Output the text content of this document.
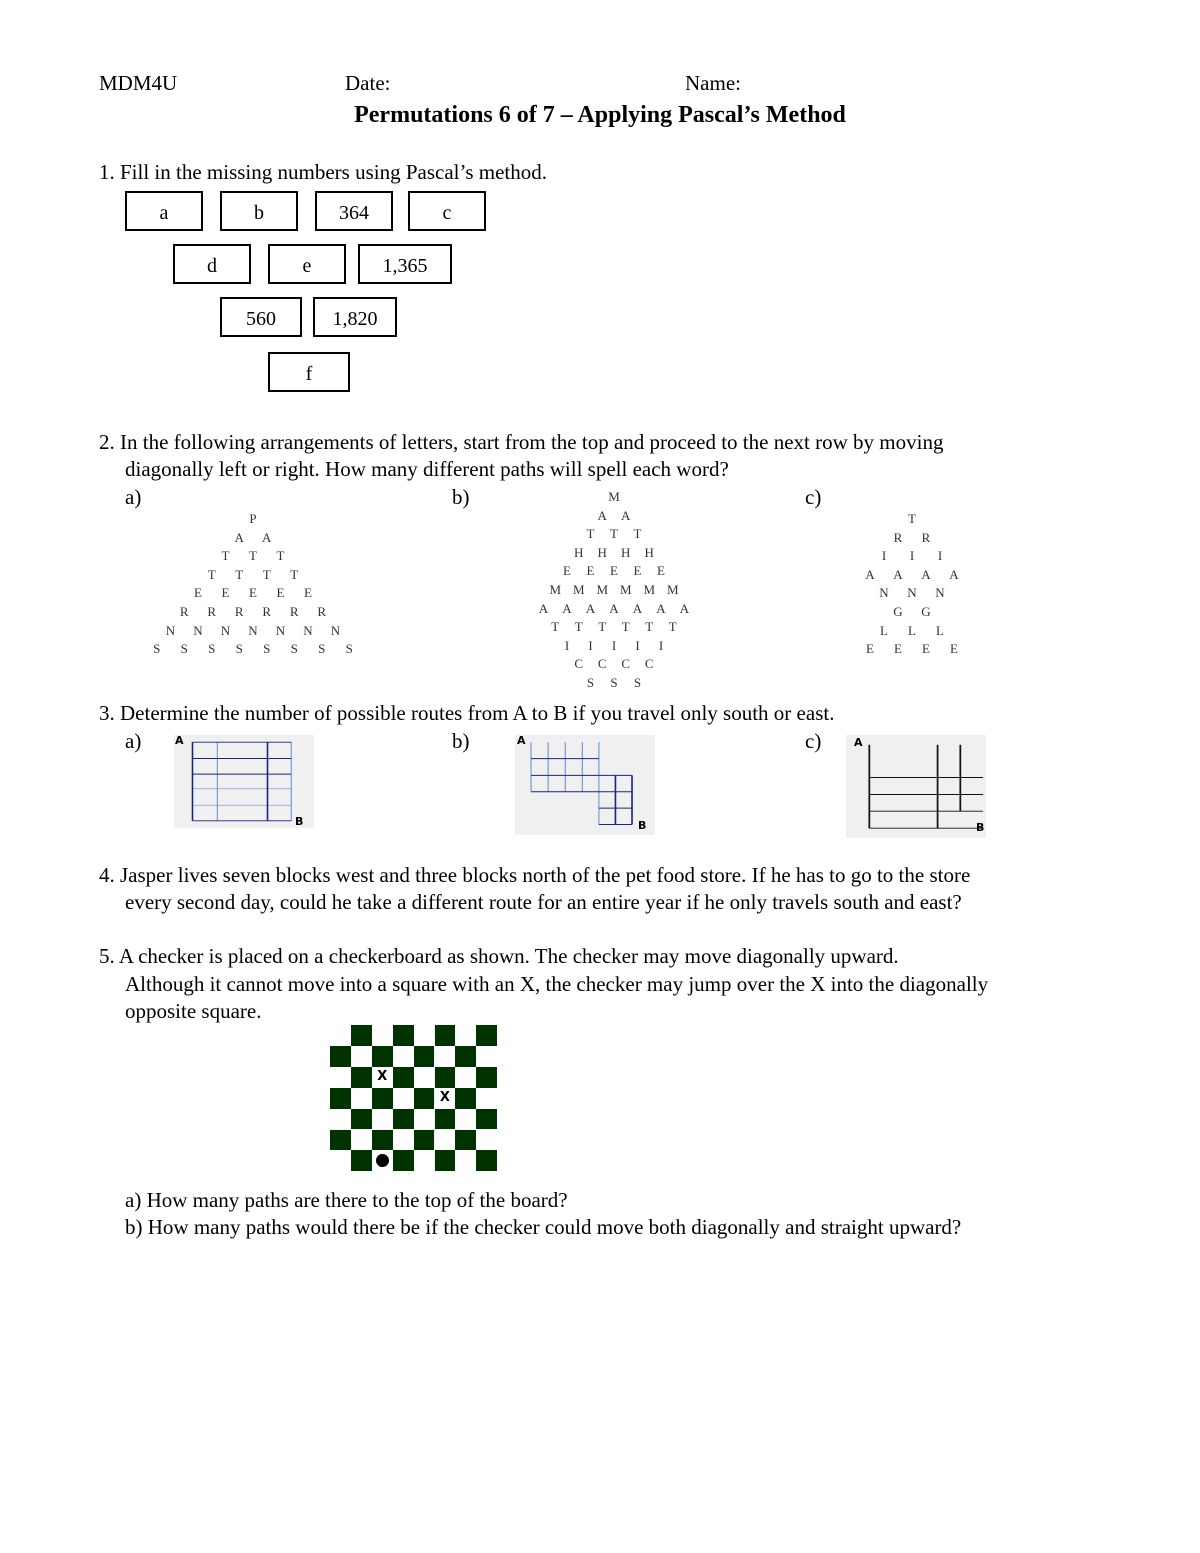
MDM4U	Date:	Name:
Permutations 6 of 7 – Applying Pascal’s Method
1. Fill in the missing numbers using Pascal’s method.
a	b	364	c
d	e	1,365
560	1,820
f
2. In the following arrangements of letters, start from the top and proceed to the next row by moving
diagonally left or right. How many different paths will spell each word?
a)	b)	c)
P
A A
T T T
T T T T
E E E E E
R R R R R R
N N N N N N N
S S S S S S S S
M
A A
T T T
H H H H
E E E E E
M M M M M M
A A A A A A A
T T T T T T
I I I I I
C C C C
S S S
T
R R
I I I
A A A A
N N N
G G
L L L
E E E E
3. Determine the number of possible routes from A to B if you travel only south or east.
a)	b)	c)
A
B
A
B
A
B
4. Jasper lives seven blocks west and three blocks north of the pet food store. If he has to go to the store
every second day, could he take a different route for an entire year if he only travels south and east?
5. A checker is placed on a checkerboard as shown. The checker may move diagonally upward.
Although it cannot move into a square with an X, the checker may jump over the X into the diagonally
opposite square.
X
X
a) How many paths are there to the top of the board?
b) How many paths would there be if the checker could move both diagonally and straight upward?
